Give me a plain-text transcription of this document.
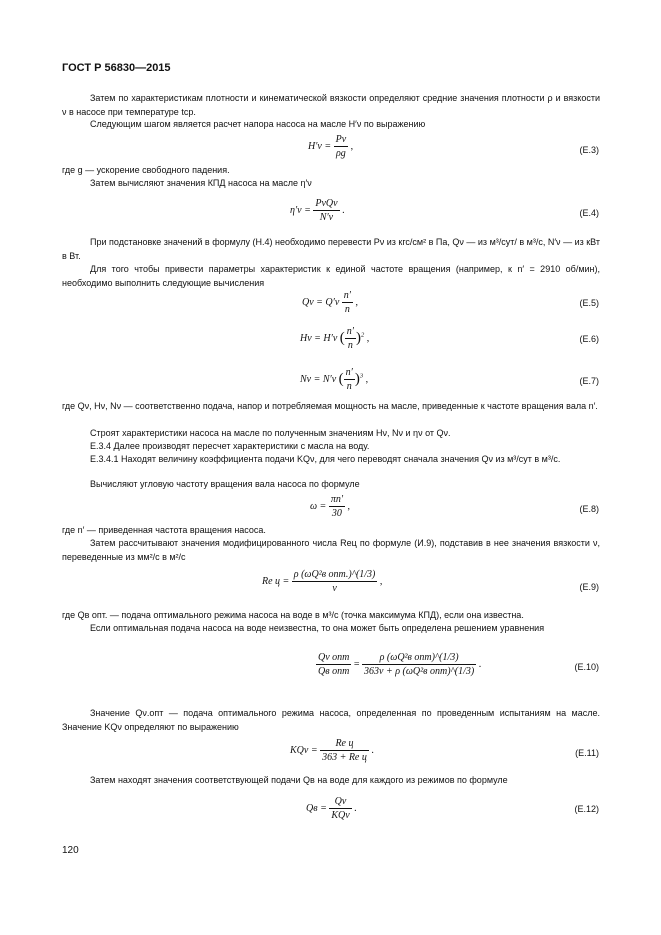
ГОСТ Р 56830—2015
Затем по характеристикам плотности и кинематической вязкости определяют средние значения плотности ρ и вязкости ν в насосе при температуре tср.
Следующим шагом является расчет напора насоса на масле H′ν по выражению
$H'\nu = \frac{P\nu}{\rho g}$ ,	(Е.3)
где g — ускорение свободного падения.
Затем вычисляют значения КПД насоса на масле η′ν
$\eta'\nu = \frac{\text{PνQν}}{N'\nu}$ .	(Е.4)
При подстановке значений в формулу (Н.4) необходимо перевести Pν из кгс/см² в Па, Qν — из м³/сут/ в м³/с, N′ν — из кВт в Вт.
Для того чтобы привести параметры характеристик к единой частоте вращения (например, к n′ = 2910 об/мин), необходимо выполнить следующие вычисления
$Q\nu = Q'\nu \frac{n'}{n}$ ,	(Е.5)
Hν = H′ν ( $\frac{n'}{n} )^2$ ,	(Е.6)
Nν = N′ν ( $\frac{n'}{n} )^3$ ,	(Е.7)
где Qν, Hν, Nν — соответственно подача, напор и потребляемая мощность на масле, приведенные к частоте вращения вала n′.
Строят характеристики насоса на масле по полученным значениям Hν, Nν и ην от Qν.
Е.3.4 Далее производят пересчет характеристики с масла на воду.
Е.3.4.1 Находят величину коэффициента подачи KQν, для чего переводят сначала значения Qν из м³/сут в м³/с.
Вычисляют угловую частоту вращения вала насоса по формуле
$\omega = \frac{\pi n'}{30}$ ,	(Е.8)
где n′ — приведенная частота вращения насоса.
Затем рассчитывают значения модифицированного числа Reц по формуле (И.9), подставив в нее значения вязкости ν, переведенные из мм²/с в м²/с
Re $ц = \frac{\text{ρ (ωQ²в опт.)\textasciicircum{}(1/3)}}{\nu}$ ,
(Е.9)
где Qв опт. — подача оптимального режима насоса на воде в м³/с (точка максимума КПД), если она известна.
Если оптимальная подача насоса на воде неизвестна, то она может быть определена решением уравнения
$\frac{\text{Qν опт}}{\text{Qв опт}} = \frac{\text{ρ (ωQ²в опт)\textasciicircum{}(1/3)}}{\text{363ν + ρ (ωQ²в опт)\textasciicircum{}(1/3)}}$ .	(Е.10)
Значение Qν.опт — подача оптимального режима насоса, определенная по проведенным испытаниям на масле. Значение KQν определяют по выражению
$KQ\nu = \frac{\text{Re ц}}{\text{363 + Re ц}}$ .	(Е.11)
Затем находят значения соответствующей подачи Qв на воде для каждого из режимов по формуле
Qв = $\frac{Q\nu}{\text{KQν}}$ .	(Е.12)
120
